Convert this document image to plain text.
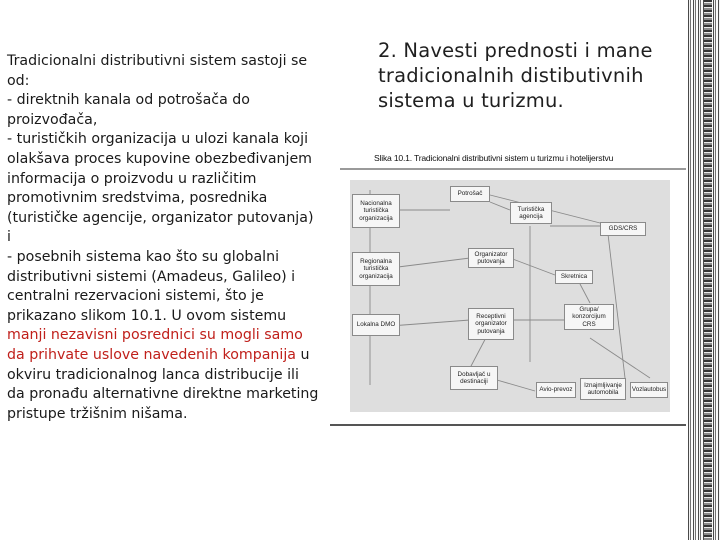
Tradicionalni distributivni sistem sastoji se od:

- direktnih kanala od potrošača do proizvođača,

- turističkih organizacija u ulozi kanala koji olakšava proces kupovine obezbeđivanjem informacija o proizvodu u različitim promotivnim sredstvima, posrednika (turističke agencije, organizator putovanja) i

- posebnih sistema kao što su globalni distributivni sistemi (Amadeus, Galileo) i centralni rezervacioni sistemi, što je prikazano slikom 10.1. U ovom sistemu manji nezavisni posrednici su mogli samo da prihvate uslove navedenih kompanija u okviru tradicionalnog lanca distribucije ili da pronađu alternativne direktne marketing pristupe tržišnim nišama.

2. Navesti prednosti i mane tradicionalnih distibutivnih sistema u turizmu.
Slika 10.1. Tradicionalni distributivni sistem u turizmu i hotelijerstvu
Potrošač
Nacionalna turistička organizacija
Turistička agencija
GDS/CRS
Organizator putovanja
Regionalna turistička organizacija	Skretnica
Lokalna DMO
Receptivni organizator putovanja
Grupa/ konzorcijum CRS
Dobavljač u destinaciji
Avio-prevoz
Iznajmljivanje automobila	Vozlautobus
